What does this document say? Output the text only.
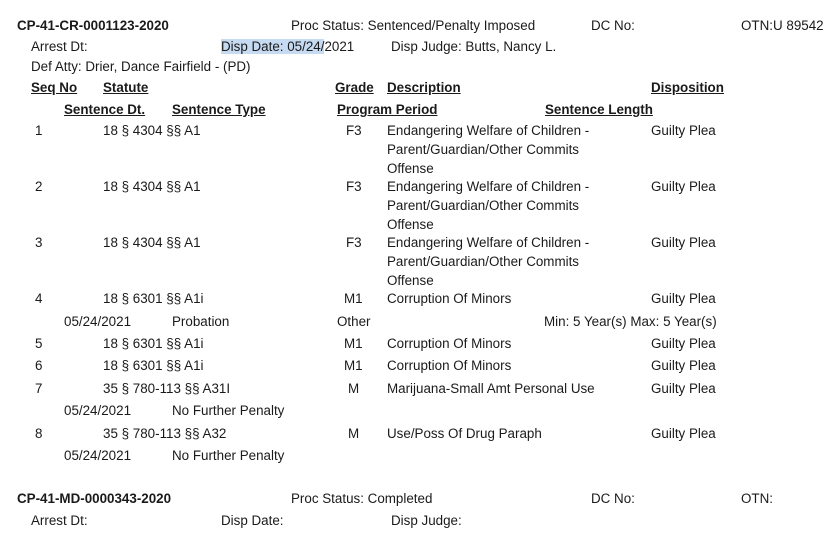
CP-41-CR-0001123-2020	Proc Status: Sentenced/Penalty Imposed	DC No:	OTN:U 89542
Arrest Dt:	Disp Date: 05/24/2021	Disp Judge: Butts, Nancy L.
Def Atty: Drier, Dance Fairfield - (PD)
Seq No Statute	Grade Description	Disposition
Sentence Dt. Sentence Type	Program Period	Sentence Length
1	18 § 4304 §§ A1	F3 Endangering Welfare of Children -
Parent/Guardian/Other Commits
Offense
Guilty Plea
2	18 § 4304 §§ A1	F3 Endangering Welfare of Children -
Parent/Guardian/Other Commits
Offense
Guilty Plea
3	18 § 4304 §§ A1	F3 Endangering Welfare of Children -
Parent/Guardian/Other Commits
Offense
Guilty Plea
4	18 § 6301 §§ A1i	M1 Corruption Of Minors	Guilty Plea
05/24/2021	Probation	Other	Min: 5 Year(s) Max: 5 Year(s)
5	18 § 6301 §§ A1i	M1 Corruption Of Minors	Guilty Plea
6	18 § 6301 §§ A1i	M1 Corruption Of Minors	Guilty Plea
7	35 § 780-113 §§ A31I	M Marijuana-Small Amt Personal Use	Guilty Plea
05/24/2021	No Further Penalty
8	35 § 780-113 §§ A32	M Use/Poss Of Drug Paraph	Guilty Plea
05/24/2021	No Further Penalty
CP-41-MD-0000343-2020	Proc Status: Completed	DC No:	OTN:
Arrest Dt:	Disp Date:	Disp Judge:
